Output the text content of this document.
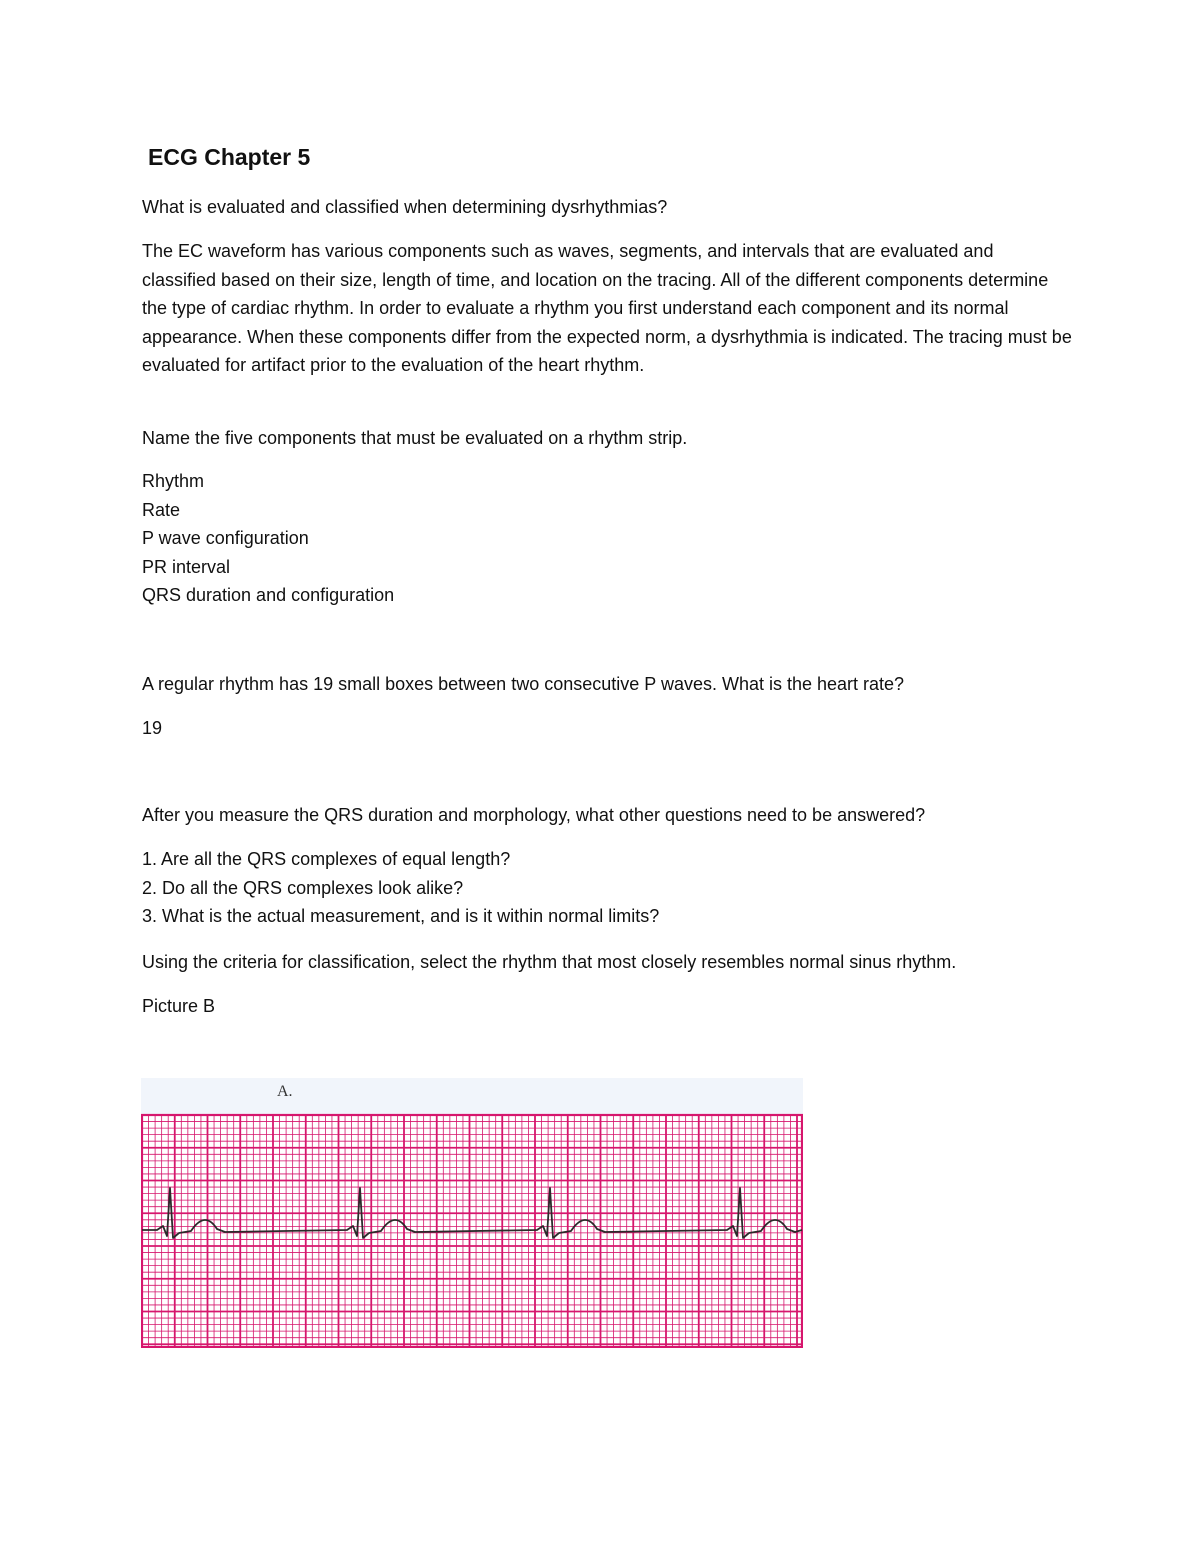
ECG Chapter 5

What is evaluated and classified when determining dysrhythmias?

The EC waveform has various components such as waves, segments, and intervals that are evaluated and classified based on their size, length of time, and location on the tracing. All of the different components determine the type of cardiac rhythm. In order to evaluate a rhythm you first understand each component and its normal appearance. When these components differ from the expected norm, a dysrhythmia is indicated. The tracing must be evaluated for artifact prior to the evaluation of the heart rhythm.

Name the five components that must be evaluated on a rhythm strip.

Rhythm
Rate
P wave configuration
PR interval
QRS duration and configuration

A regular rhythm has 19 small boxes between two consecutive P waves. What is the heart rate?

19

After you measure the QRS duration and morphology, what other questions need to be answered?

1. Are all the QRS complexes of equal length?
2. Do all the QRS complexes look alike?
3. What is the actual measurement, and is it within normal limits?

Using the criteria for classification, select the rhythm that most closely resembles normal sinus rhythm.

Picture B

A.
